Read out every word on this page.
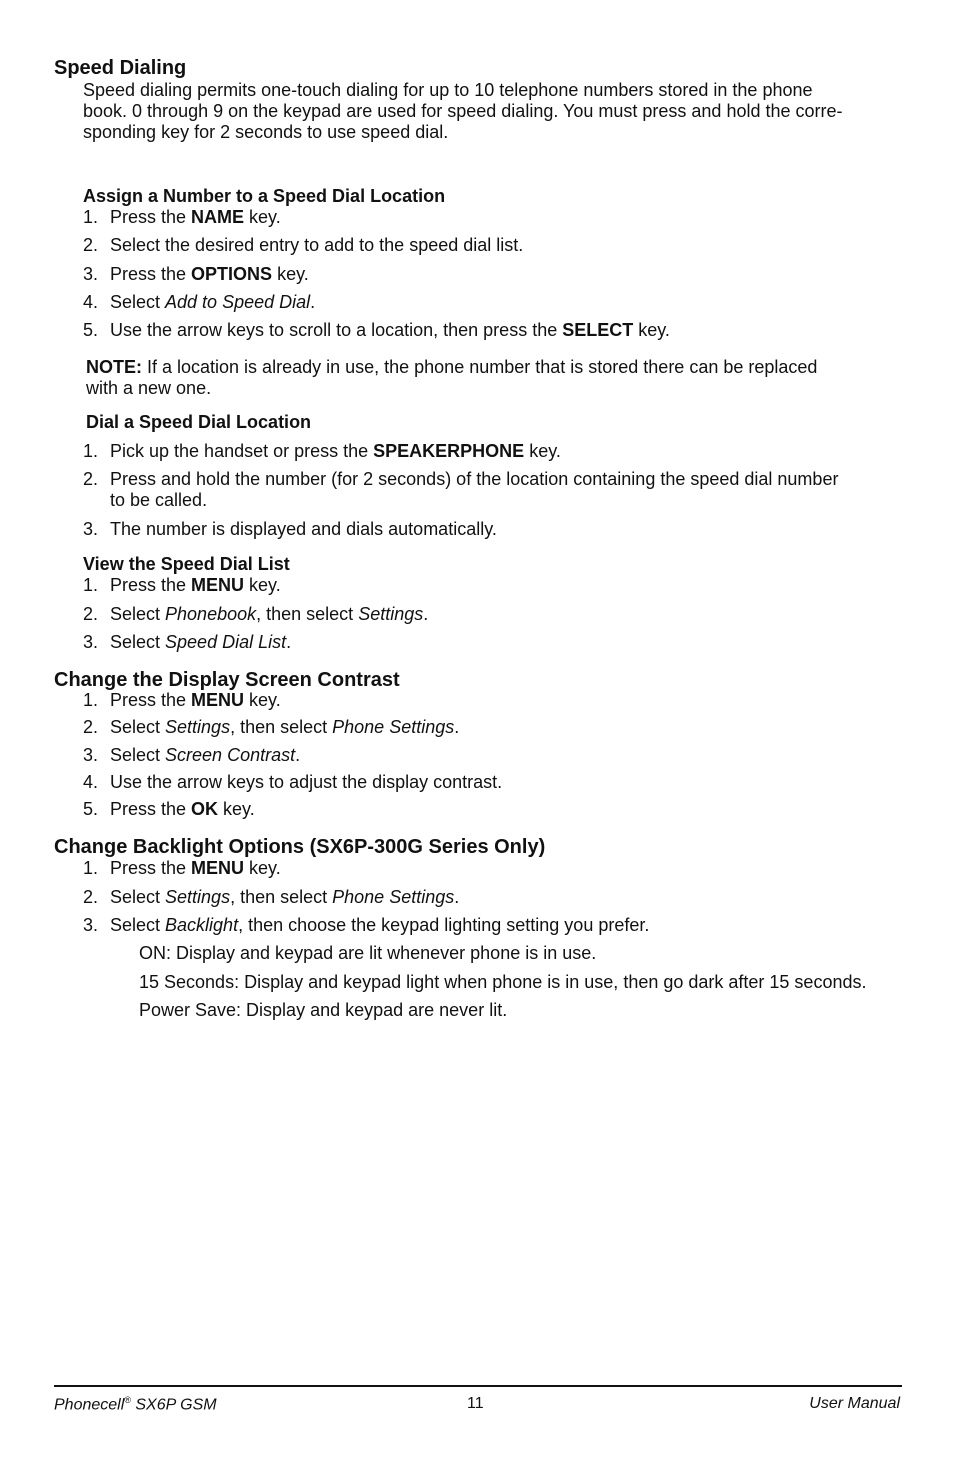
Speed Dialing
Speed dialing permits one-touch dialing for up to 10 telephone numbers stored in the phone
book. 0 through 9 on the keypad are used for speed dialing. You must press and hold the corre-
sponding key for 2 seconds to use speed dial.
Assign a Number to a Speed Dial Location
1. Press the NAME key.
2. Select the desired entry to add to the speed dial list.
3. Press the OPTIONS key.
4. Select Add to Speed Dial.
5. Use the arrow keys to scroll to a location, then press the SELECT key.
NOTE: If a location is already in use, the phone number that is stored there can be replaced
with a new one.
Dial a Speed Dial Location
1. Pick up the handset or press the SPEAKERPHONE key.
2. Press and hold the number (for 2 seconds) of the location containing the speed dial number
to be called.
3. The number is displayed and dials automatically.
View the Speed Dial List
1. Press the MENU key.
2. Select Phonebook, then select Settings.
3. Select Speed Dial List.
Change the Display Screen Contrast
1. Press the MENU key.
2. Select Settings, then select Phone Settings.
3. Select Screen Contrast.
4. Use the arrow keys to adjust the display contrast.
5. Press the OK key.
Change Backlight Options (SX6P-300G Series Only)
1. Press the MENU key.
2. Select Settings, then select Phone Settings.
3. Select Backlight, then choose the keypad lighting setting you prefer.
ON: Display and keypad are lit whenever phone is in use.
15 Seconds: Display and keypad light when phone is in use, then go dark after 15 seconds.
Power Save: Display and keypad are never lit.
Phonecell® SX6P GSM	11	User Manual
